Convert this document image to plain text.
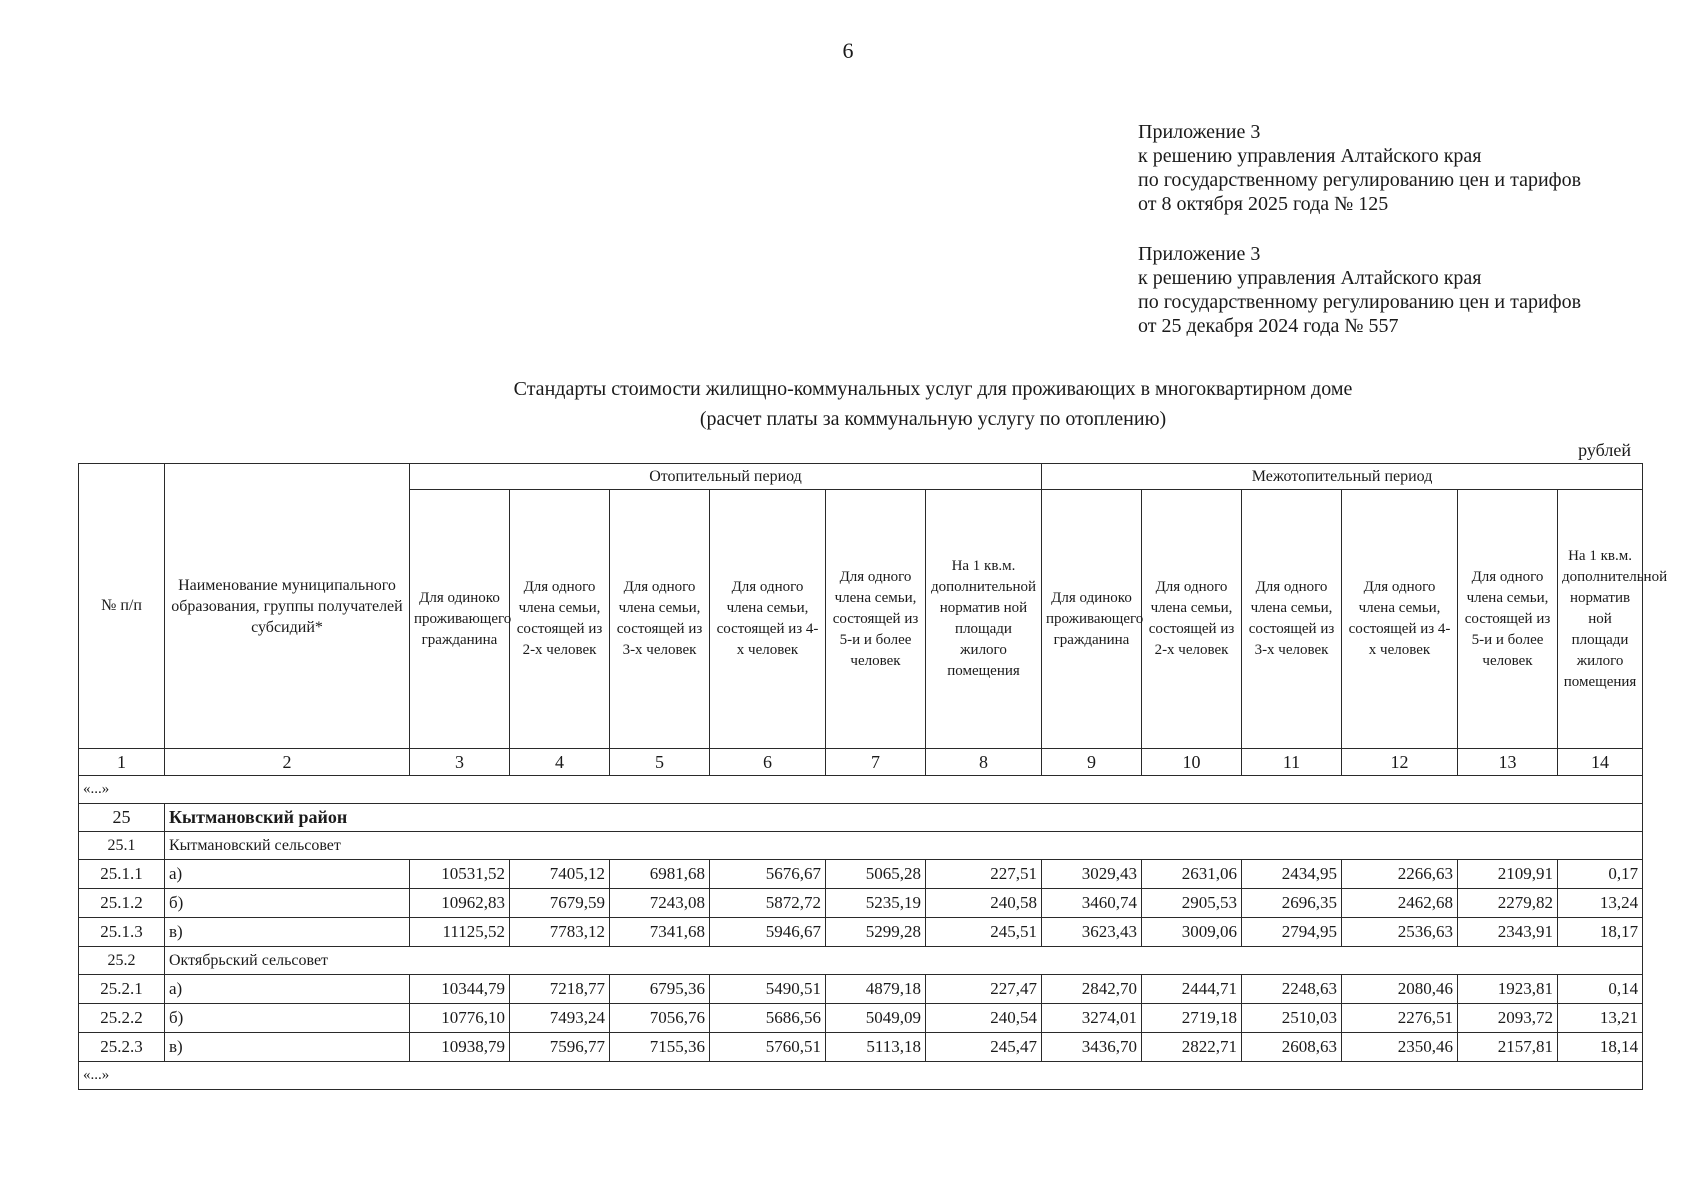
6
Приложение 3
к решению управления Алтайского края
по государственному регулированию цен и тарифов
от 8 октября 2025 года № 125
Приложение 3
к решению управления Алтайского края
по государственному регулированию цен и тарифов
от 25 декабря 2024 года № 557
Стандарты стоимости жилищно-коммунальных услуг для проживающих в многоквартирном доме
(расчет платы за коммунальную услугу по отоплению)
рублей
№ п/п	Наименование муниципального образования, группы получателей субсидий*	Отопительный период						Межотопительный период					
		Для одиноко проживающего гражданина	Для одного члена семьи, состоящей из 2-х человек	Для одного члена семьи, состоящей из 3-х человек	Для одного члена семьи, состоящей из 4-х человек	Для одного члена семьи, состоящей из 5-и и более человек	На 1 кв.м. дополнительной норматив ной площади жилого помещения	Для одиноко проживающего гражданина	Для одного члена семьи, состоящей из 2-х человек	Для одного члена семьи, состоящей из 3-х человек	Для одного члена семьи, состоящей из 4-х человек	Для одного члена семьи, состоящей из 5-и и более человек	На 1 кв.м. дополнительной норматив ной площади жилого помещения
1	2	3	4	5	6	7	8	9	10	11	12	13	14
«...»													
25	Кытмановский район												
25.1	Кытмановский сельсовет												
25.1.1	а)	10531,52	7405,12	6981,68	5676,67	5065,28	227,51	3029,43	2631,06	2434,95	2266,63	2109,91	0,17
25.1.2	б)	10962,83	7679,59	7243,08	5872,72	5235,19	240,58	3460,74	2905,53	2696,35	2462,68	2279,82	13,24
25.1.3	в)	11125,52	7783,12	7341,68	5946,67	5299,28	245,51	3623,43	3009,06	2794,95	2536,63	2343,91	18,17
25.2	Октябрьский сельсовет												
25.2.1	а)	10344,79	7218,77	6795,36	5490,51	4879,18	227,47	2842,70	2444,71	2248,63	2080,46	1923,81	0,14
25.2.2	б)	10776,10	7493,24	7056,76	5686,56	5049,09	240,54	3274,01	2719,18	2510,03	2276,51	2093,72	13,21
25.2.3	в)	10938,79	7596,77	7155,36	5760,51	5113,18	245,47	3436,70	2822,71	2608,63	2350,46	2157,81	18,14
«...»													
